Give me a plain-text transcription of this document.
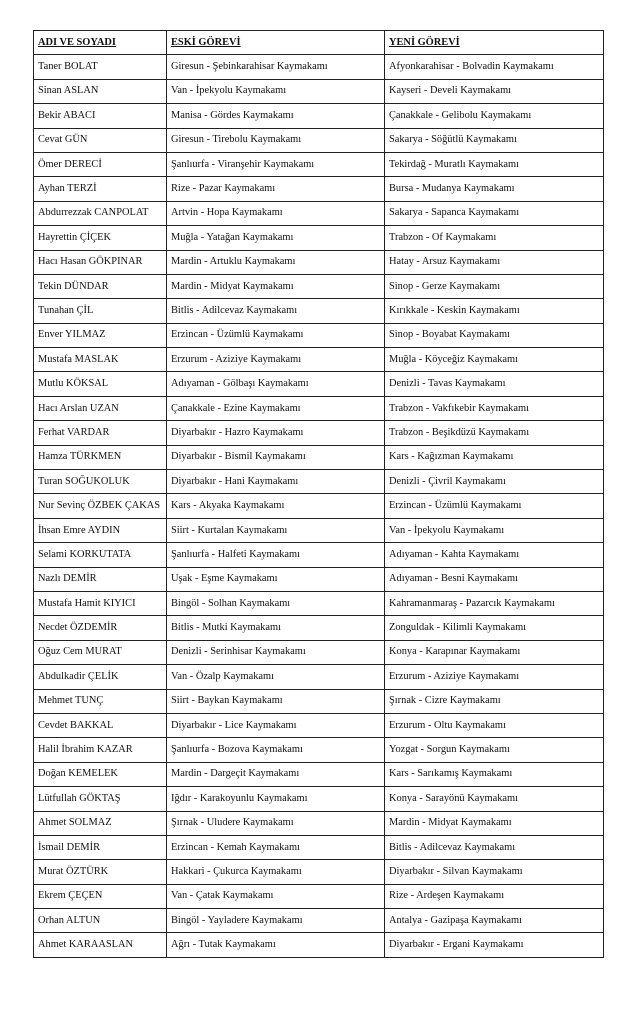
ADI VE SOYADI	ESKİ GÖREVİ	YENİ GÖREVİ
Taner BOLAT	Giresun - Şebinkarahisar Kaymakamı	Afyonkarahisar - Bolvadin Kaymakamı
Sinan ASLAN	Van - İpekyolu Kaymakamı	Kayseri - Develi Kaymakamı
Bekir ABACI	Manisa - Gördes Kaymakamı	Çanakkale - Gelibolu Kaymakamı
Cevat GÜN	Giresun - Tirebolu Kaymakamı	Sakarya - Söğütlü Kaymakamı
Ömer DERECİ	Şanlıurfa - Viranşehir Kaymakamı	Tekirdağ - Muratlı Kaymakamı
Ayhan TERZİ	Rize - Pazar Kaymakamı	Bursa - Mudanya Kaymakamı
Abdurrezzak CANPOLAT	Artvin - Hopa Kaymakamı	Sakarya - Sapanca Kaymakamı
Hayrettin ÇİÇEK	Muğla - Yatağan Kaymakamı	Trabzon - Of Kaymakamı
Hacı Hasan GÖKPINAR	Mardin - Artuklu Kaymakamı	Hatay - Arsuz Kaymakamı
Tekin DÜNDAR	Mardin - Midyat Kaymakamı	Sinop - Gerze Kaymakamı
Tunahan ÇİL	Bitlis - Adilcevaz Kaymakamı	Kırıkkale - Keskin Kaymakamı
Enver YILMAZ	Erzincan - Üzümlü Kaymakamı	Sinop - Boyabat Kaymakamı
Mustafa MASLAK	Erzurum - Aziziye Kaymakamı	Muğla - Köyceğiz Kaymakamı
Mutlu KÖKSAL	Adıyaman - Gölbaşı Kaymakamı	Denizli - Tavas Kaymakamı
Hacı Arslan UZAN	Çanakkale - Ezine Kaymakamı	Trabzon - Vakfıkebir Kaymakamı
Ferhat VARDAR	Diyarbakır - Hazro Kaymakamı	Trabzon - Beşikdüzü Kaymakamı
Hamza TÜRKMEN	Diyarbakır - Bismil Kaymakamı	Kars - Kağızman Kaymakamı
Turan SOĞUKOLUK	Diyarbakır - Hani Kaymakamı	Denizli - Çivril Kaymakamı
Nur Sevinç ÖZBEK ÇAKAS	Kars - Akyaka Kaymakamı	Erzincan - Üzümlü Kaymakamı
İhsan Emre AYDIN	Siirt - Kurtalan Kaymakamı	Van - İpekyolu Kaymakamı
Selami KORKUTATA	Şanlıurfa - Halfeti Kaymakamı	Adıyaman - Kahta Kaymakamı
Nazlı DEMİR	Uşak - Eşme Kaymakamı	Adıyaman - Besni Kaymakamı
Mustafa Hamit KIYICI	Bingöl - Solhan Kaymakamı	Kahramanmaraş - Pazarcık Kaymakamı
Necdet ÖZDEMİR	Bitlis - Mutki Kaymakamı	Zonguldak - Kilimli Kaymakamı
Oğuz Cem MURAT	Denizli - Serinhisar Kaymakamı	Konya - Karapınar Kaymakamı
Abdulkadir ÇELİK	Van - Özalp Kaymakamı	Erzurum - Aziziye Kaymakamı
Mehmet TUNÇ	Siirt - Baykan Kaymakamı	Şırnak - Cizre Kaymakamı
Cevdet BAKKAL	Diyarbakır - Lice Kaymakamı	Erzurum - Oltu Kaymakamı
Halil İbrahim KAZAR	Şanlıurfa - Bozova Kaymakamı	Yozgat - Sorgun Kaymakamı
Doğan KEMELEK	Mardin - Dargeçit Kaymakamı	Kars - Sarıkamış Kaymakamı
Lütfullah GÖKTAŞ	Iğdır - Karakoyunlu Kaymakamı	Konya - Sarayönü Kaymakamı
Ahmet SOLMAZ	Şırnak - Uludere Kaymakamı	Mardin - Midyat Kaymakamı
İsmail DEMİR	Erzincan - Kemah Kaymakamı	Bitlis - Adilcevaz Kaymakamı
Murat ÖZTÜRK	Hakkari - Çukurca Kaymakamı	Diyarbakır - Silvan Kaymakamı
Ekrem ÇEÇEN	Van - Çatak Kaymakamı	Rize - Ardeşen Kaymakamı
Orhan ALTUN	Bingöl - Yayladere Kaymakamı	Antalya - Gazipaşa Kaymakamı
Ahmet KARAASLAN	Ağrı - Tutak Kaymakamı	Diyarbakır - Ergani Kaymakamı
